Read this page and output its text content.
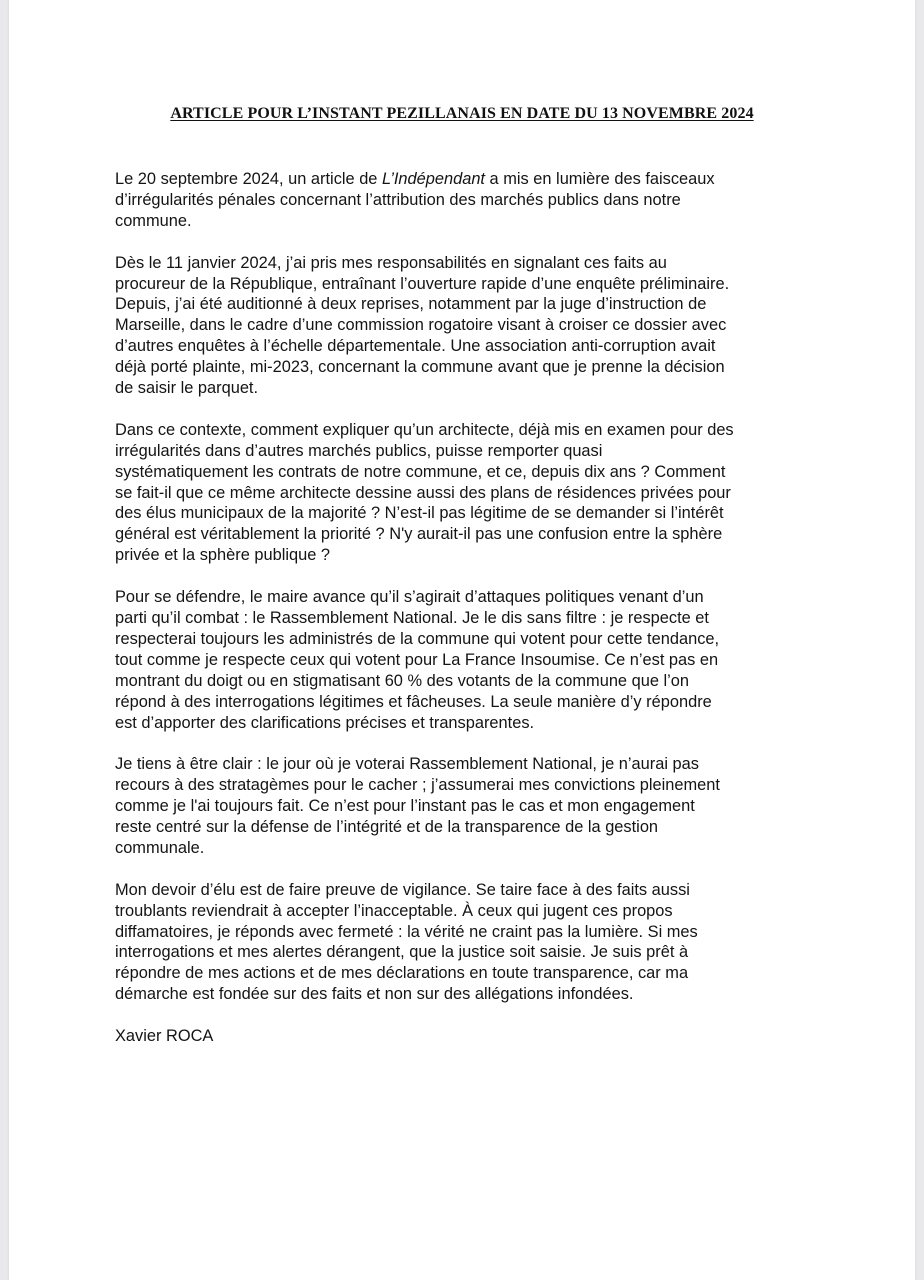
ARTICLE POUR L’INSTANT PEZILLANAIS EN DATE DU 13 NOVEMBRE 2024

Le 20 septembre 2024, un article de L’Indépendant a mis en lumière des faisceaux
d’irrégularités pénales concernant l’attribution des marchés publics dans notre
commune.

Dès le 11 janvier 2024, j’ai pris mes responsabilités en signalant ces faits au
procureur de la République, entraînant l’ouverture rapide d’une enquête préliminaire.
Depuis, j’ai été auditionné à deux reprises, notamment par la juge d’instruction de
Marseille, dans le cadre d’une commission rogatoire visant à croiser ce dossier avec
d’autres enquêtes à l’échelle départementale. Une association anti-corruption avait
déjà porté plainte, mi-2023, concernant la commune avant que je prenne la décision
de saisir le parquet.

Dans ce contexte, comment expliquer qu’un architecte, déjà mis en examen pour des
irrégularités dans d’autres marchés publics, puisse remporter quasi
systématiquement les contrats de notre commune, et ce, depuis dix ans ? Comment
se fait-il que ce même architecte dessine aussi des plans de résidences privées pour
des élus municipaux de la majorité ? N’est-il pas légitime de se demander si l’intérêt
général est véritablement la priorité ? N'y aurait-il pas une confusion entre la sphère
privée et la sphère publique ?

Pour se défendre, le maire avance qu’il s’agirait d’attaques politiques venant d’un
parti qu’il combat : le Rassemblement National. Je le dis sans filtre : je respecte et
respecterai toujours les administrés de la commune qui votent pour cette tendance,
tout comme je respecte ceux qui votent pour La France Insoumise. Ce n’est pas en
montrant du doigt ou en stigmatisant 60 % des votants de la commune que l’on
répond à des interrogations légitimes et fâcheuses. La seule manière d’y répondre
est d’apporter des clarifications précises et transparentes.

Je tiens à être clair : le jour où je voterai Rassemblement National, je n’aurai pas
recours à des stratagèmes pour le cacher ; j’assumerai mes convictions pleinement
comme je l'ai toujours fait. Ce n’est pour l’instant pas le cas et mon engagement
reste centré sur la défense de l’intégrité et de la transparence de la gestion
communale.

Mon devoir d’élu est de faire preuve de vigilance. Se taire face à des faits aussi
troublants reviendrait à accepter l’inacceptable. À ceux qui jugent ces propos
diffamatoires, je réponds avec fermeté : la vérité ne craint pas la lumière. Si mes
interrogations et mes alertes dérangent, que la justice soit saisie. Je suis prêt à
répondre de mes actions et de mes déclarations en toute transparence, car ma
démarche est fondée sur des faits et non sur des allégations infondées.

Xavier ROCA
